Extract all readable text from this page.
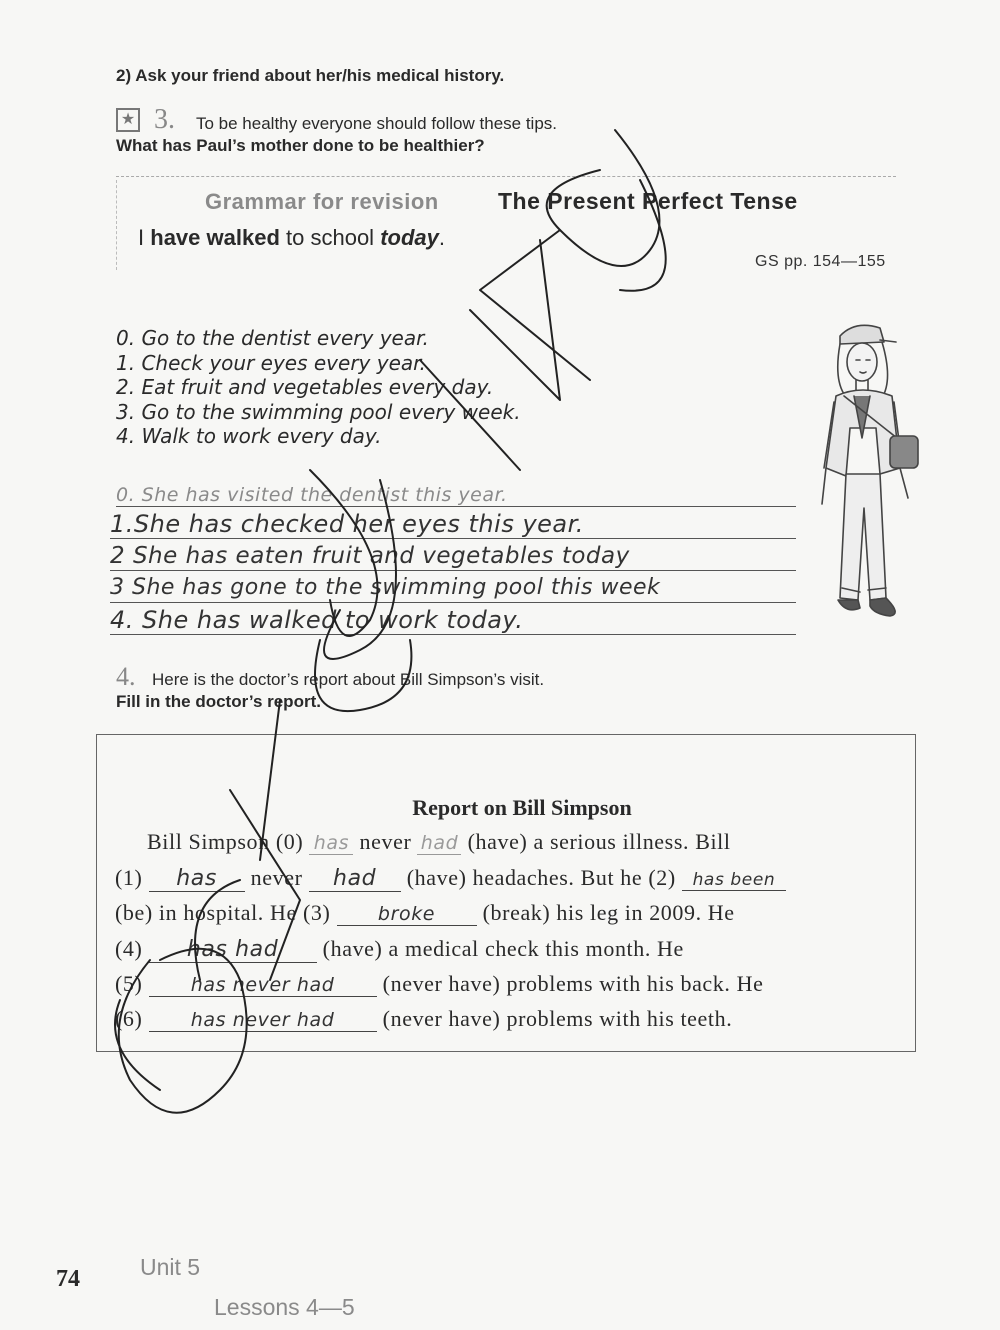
2) Ask your friend about her/his medical history.
★ 3. To be healthy everyone should follow these tips.
What has Paul’s mother done to be healthier?
Grammar for revision	The Present Perfect Tense
I have walked to school today.
GS pp. 154—155
0. Go to the dentist every year.
1. Check your eyes every year.
2. Eat fruit and vegetables every day.
3. Go to the swimming pool every week.
4. Walk to work every day.
0. She has visited the dentist this year.
1.She has checked her eyes this year.
2 She has eaten fruit and vegetables today
3 She has gone to the swimming pool this week
4. She has walked to work today.
4. Here is the doctor’s report about Bill Simpson’s visit.
Fill in the doctor’s report.
Report on Bill Simpson
Bill Simpson (0) has never had (have) a serious illness. Bill
(1) has never had (have) headaches. But he (2) has been
(be) in hospital. He (3)	broke (break) his leg in 2009. He
(4) has had (have) a medical check this month. He
(5)	has never had (never have) problems with his back. He
(6)	has never had (never have) problems with his teeth.
74	Unit 5
Lessons 4—5
